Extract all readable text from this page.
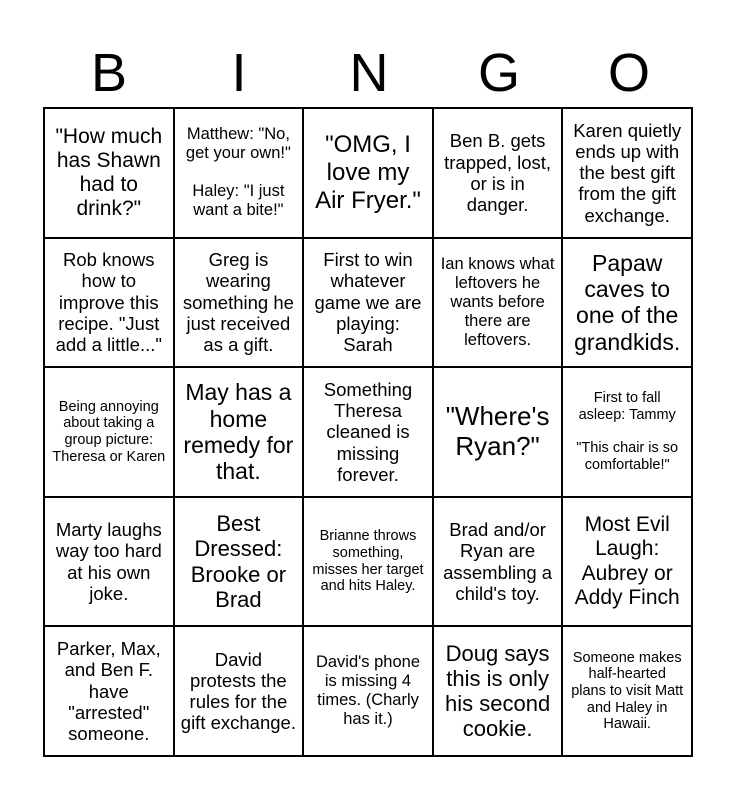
B	I	N	G	O
"How much has Shawn had to drink?"
Matthew: "No, get your own!"

Haley: "I just want a bite!"
"OMG, I love my Air Fryer."
Ben B. gets trapped, lost, or is in danger.
Karen quietly ends up with the best gift from the gift exchange.
Rob knows how to improve this recipe. "Just add a little..."
Greg is wearing something he just received as a gift.
First to win whatever game we are playing: Sarah
Ian knows what leftovers he wants before there are leftovers.
Papaw caves to one of the grandkids.
Being annoying about taking a group picture: Theresa or Karen
May has a home remedy for that.
Something Theresa cleaned is missing forever.
"Where's Ryan?"
First to fall asleep: Tammy

"This chair is so comfortable!"
Marty laughs way too hard at his own joke.
Best Dressed: Brooke or Brad
Brianne throws something, misses her target and hits Haley.
Brad and/or Ryan are assembling a child's toy.
Most Evil Laugh: Aubrey or Addy Finch
Parker, Max, and Ben F. have "arrested" someone.
David protests the rules for the gift exchange.
David's phone is missing 4 times. (Charly has it.)
Doug says this is only his second cookie.
Someone makes half-hearted plans to visit Matt and Haley in Hawaii.
